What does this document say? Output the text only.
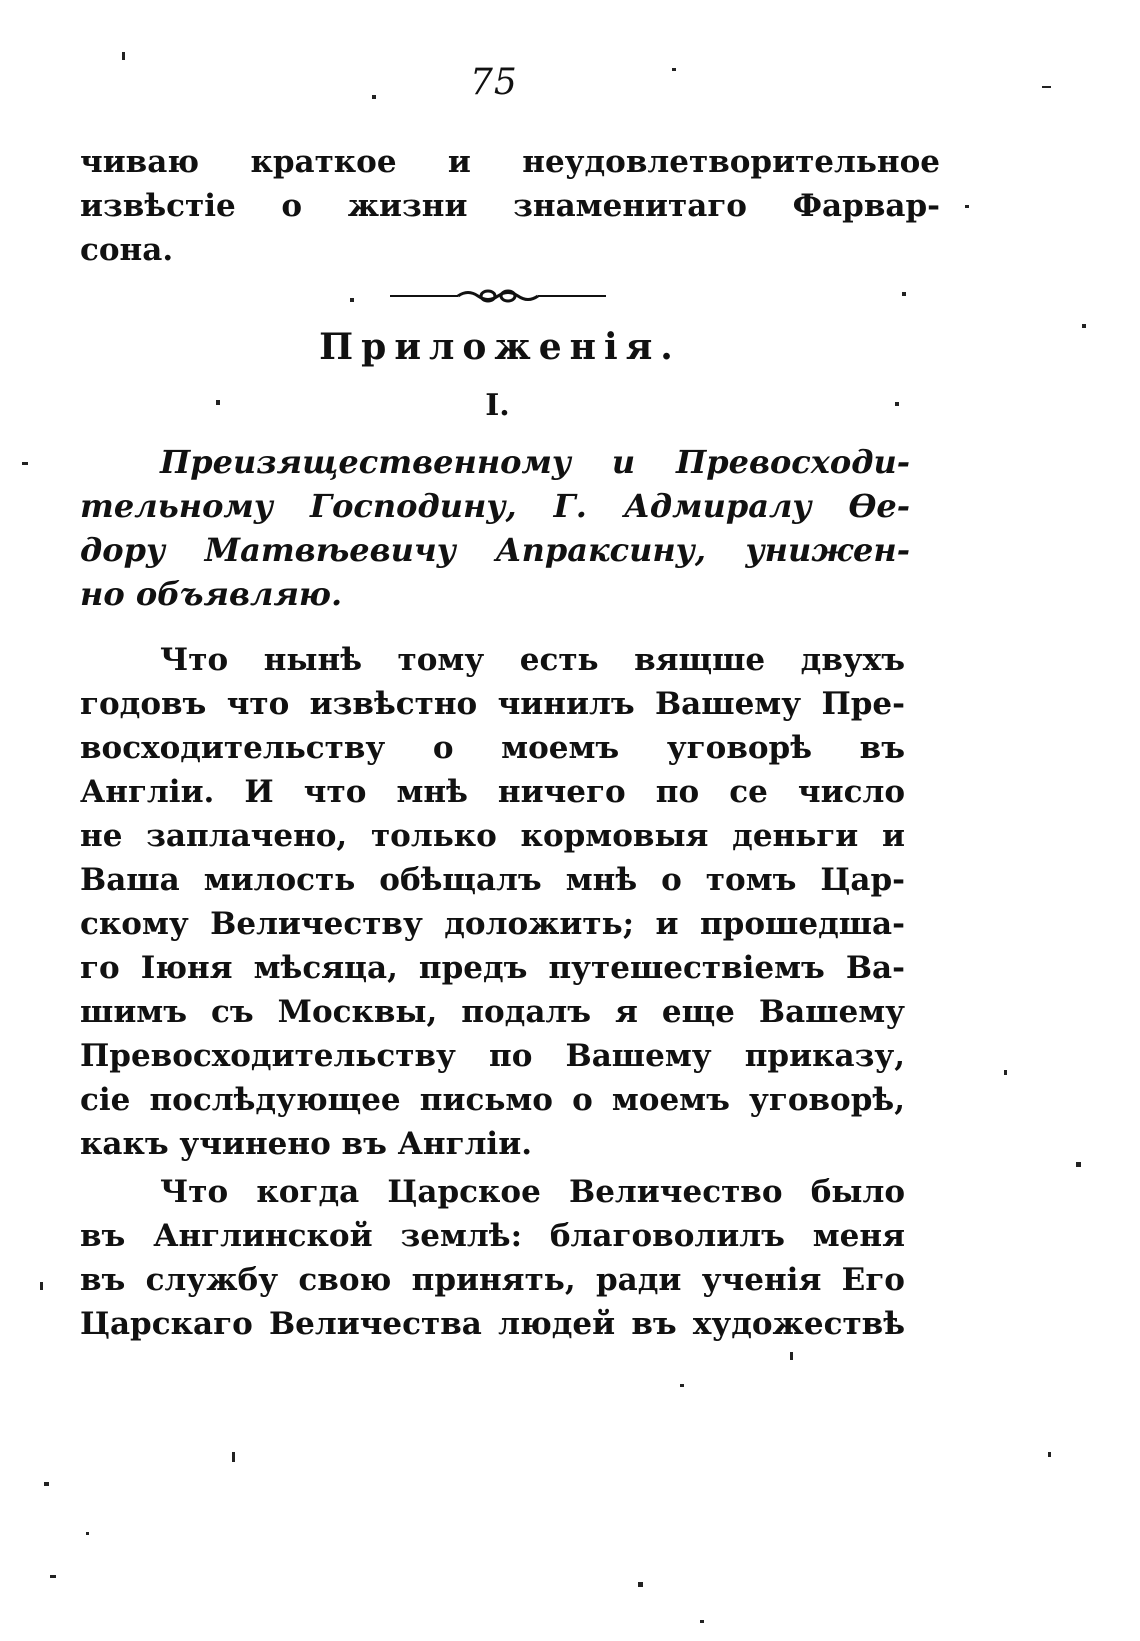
75
чиваю краткое и неудовлетворительное
извѣстіе о жизни знаменитаго Фарвар-
сона.
Приложенія.
I.
Преизящественному и Превосходи-
тельному Господину, Г. Адмиралу Ѳе-
дору Матвѣевичу Апраксину, унижен-
но объявляю.
Что нынѣ тому есть вящше двухъ
годовъ что извѣстно чинилъ Вашему Пре-
восходительству о моемъ уговорѣ въ
Англіи. И что мнѣ ничего по се число
не заплачено, только кормовыя деньги и
Ваша милость обѣщалъ мнѣ о томъ Цар-
скому Величеству доложить; и прошедша-
го Іюня мѣсяца, предъ путешествіемъ Ва-
шимъ съ Москвы, подалъ я еще Вашему
Превосходительству по Вашему приказу,
сіе послѣдующее письмо о моемъ уговорѣ,
какъ учинено въ Англіи.
Что когда Царское Величество было
въ Англинской землѣ: благоволилъ меня
въ службу свою принять, ради ученія Его
Царскаго Величества людей въ художествѣ
